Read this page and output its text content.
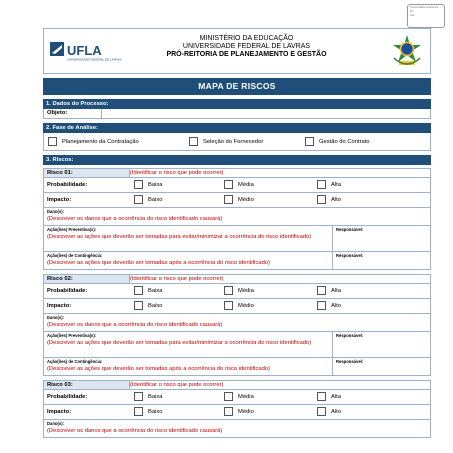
Universidade Federal de
Fls
Ass.
UFLA
UNIVERSIDADE FEDERAL DE LAVRAS
MINISTÉRIO DA EDUCAÇÃO
UNIVERSIDADE FEDERAL DE LAVRAS
PRÓ-REITORIA DE PLANEJAMENTO E GESTÃO
MAPA DE RISCOS
1. Dados do Processo:
Objeto:
2. Fase de Análise:
Planejamento da Contratação	Seleção do Fornecedor	Gestão do Contrato
3. Riscos:
Risco 01:	(Identificar o risco que pode ocorrer)
Probabilidade:	Baixa	Média	Alta
Impacto:	Baixo	Médio	Alto
Dano(s):
(Descrever os danos que a ocorrência do risco identificado causará)
Ação(ões) Preventiva(s):
(Descrever as ações que deverão ser tomadas para evitar/minimizar a ocorrência do risco identificado)
Responsável:
Ação(ões) de Contingência:
(Descrever as ações que deverão ser tomadas após a ocorrência do risco identificado)
Responsável:
Risco 02:	(Identificar o risco que pode ocorrer)
Probabilidade:	Baixa	Média	Alta
Impacto:	Baixo	Médio	Alto
Dano(s):
(Descrever os danos que a ocorrência do risco identificado causará)
Ação(ões) Preventiva(s):
(Descrever as ações que deverão ser tomadas para evitar/minimizar a ocorrência do risco identificado)
Responsável:
Ação(ões) de Contingência:
(Descrever as ações que deverão ser tomadas após a ocorrência do risco identificado)
Responsável:
Risco 03:	(Identificar o risco que pode ocorrer)
Probabilidade:	Baixa	Média	Alta
Impacto:	Baixo	Médio	Alto
Dano(s):
(Descrever os danos que a ocorrência do risco identificado causará)
